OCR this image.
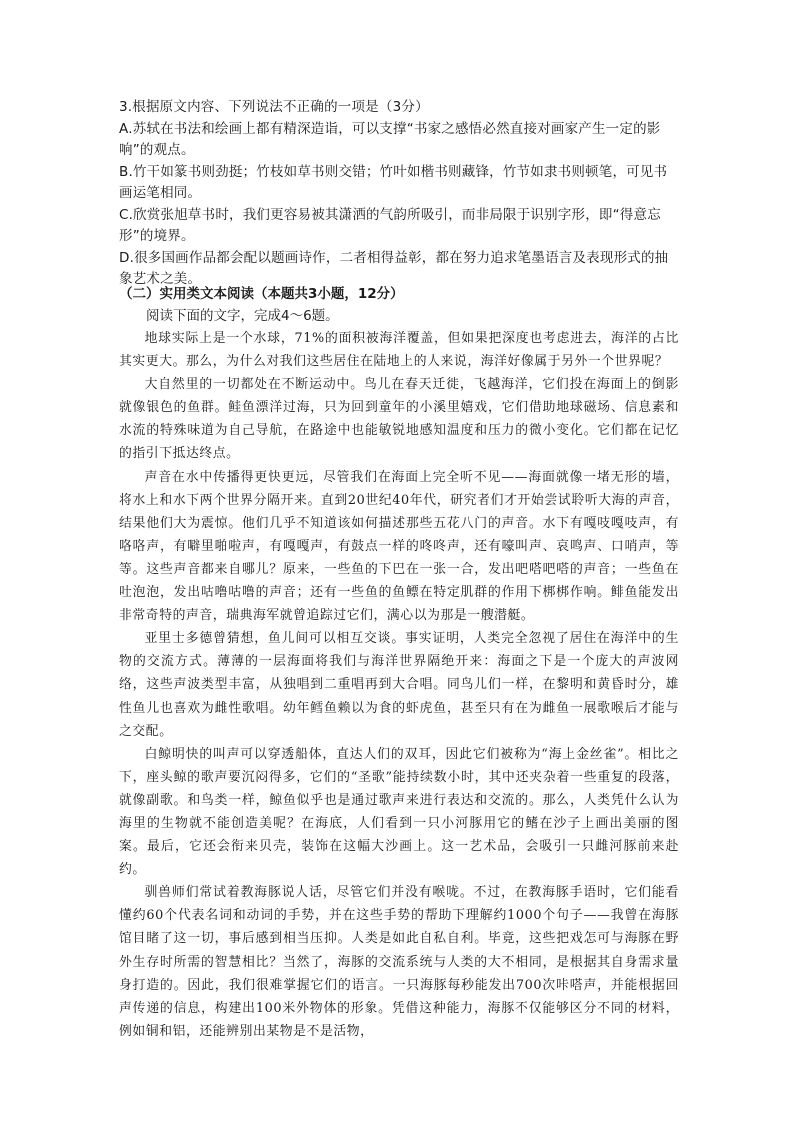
3.根据原文内容、下列说法不正确的一项是（3分）

A.苏轼在书法和绘画上都有精深造诣，可以支撑“书家之感悟必然直接对画家产生一定的影响”的观点。

B.竹干如篆书则劲挺；竹枝如草书则交错；竹叶如楷书则藏锋，竹节如隶书则顿笔，可见书画运笔相同。

C.欣赏张旭草书时，我们更容易被其潇洒的气韵所吸引，而非局限于识别字形，即“得意忘形”的境界。

D.很多国画作品都会配以题画诗作，二者相得益彰，都在努力追求笔墨语言及表现形式的抽象艺术之美。

（二）实用类文本阅读（本题共3小题，12分）
阅读下面的文字，完成4～6题。

地球实际上是一个水球，71%的面积被海洋覆盖，但如果把深度也考虑进去，海洋的占比其实更大。那么，为什么对我们这些居住在陆地上的人来说，海洋好像属于另外一个世界呢？

大自然里的一切都处在不断运动中。鸟儿在春天迁徙，飞越海洋，它们投在海面上的倒影就像银色的鱼群。鲑鱼漂洋过海，只为回到童年的小溪里嬉戏，它们借助地球磁场、信息素和水流的特殊味道为自己导航，在路途中也能敏锐地感知温度和压力的微小变化。它们都在记忆的指引下抵达终点。

声音在水中传播得更快更远，尽管我们在海面上完全听不见——海面就像一堵无形的墙，将水上和水下两个世界分隔开来。直到20世纪40年代，研究者们才开始尝试聆听大海的声音，结果他们大为震惊。他们几乎不知道该如何描述那些五花八门的声音。水下有嘎吱嘎吱声，有咯咯声，有噼里啪啦声，有嘎嘎声，有鼓点一样的咚咚声，还有嚎叫声、哀鸣声、口哨声，等等。这些声音都来自哪儿？原来，一些鱼的下巴在一张一合，发出吧嗒吧嗒的声音；一些鱼在吐泡泡，发出咕噜咕噜的声音；还有一些鱼的鱼鳔在特定肌群的作用下梆梆作响。鲱鱼能发出非常奇特的声音，瑞典海军就曾追踪过它们，满心以为那是一艘潜艇。

亚里士多德曾猜想，鱼儿间可以相互交谈。事实证明，人类完全忽视了居住在海洋中的生物的交流方式。薄薄的一层海面将我们与海洋世界隔绝开来：海面之下是一个庞大的声波网络，这些声波类型丰富，从独唱到二重唱再到大合唱。同鸟儿们一样，在黎明和黄昏时分，雄性鱼儿也喜欢为雌性歌唱。幼年鳕鱼赖以为食的虾虎鱼，甚至只有在为雌鱼一展歌喉后才能与之交配。

白鲸明快的叫声可以穿透船体，直达人们的双耳，因此它们被称为“海上金丝雀”。相比之下，座头鲸的歌声要沉闷得多，它们的“圣歌”能持续数小时，其中还夹杂着一些重复的段落，就像副歌。和鸟类一样，鲸鱼似乎也是通过歌声来进行表达和交流的。那么，人类凭什么认为海里的生物就不能创造美呢？在海底，人们看到一只小河豚用它的鳍在沙子上画出美丽的图案。最后，它还会衔来贝壳，装饰在这幅大沙画上。这一艺术品，会吸引一只雌河豚前来赴约。

驯兽师们常试着教海豚说人话，尽管它们并没有喉咙。不过，在教海豚手语时，它们能看懂约60个代表名词和动词的手势，并在这些手势的帮助下理解约1000个句子——我曾在海豚馆目睹了这一切，事后感到相当压抑。人类是如此自私自利。毕竟，这些把戏怎可与海豚在野外生存时所需的智慧相比？当然了，海豚的交流系统与人类的大不相同，是根据其自身需求量身打造的。因此，我们很难掌握它们的语言。一只海豚每秒能发出700次咔嗒声，并能根据回声传递的信息，构建出100米外物体的形象。凭借这种能力，海豚不仅能够区分不同的材料，例如铜和铝，还能辨别出某物是不是活物，
